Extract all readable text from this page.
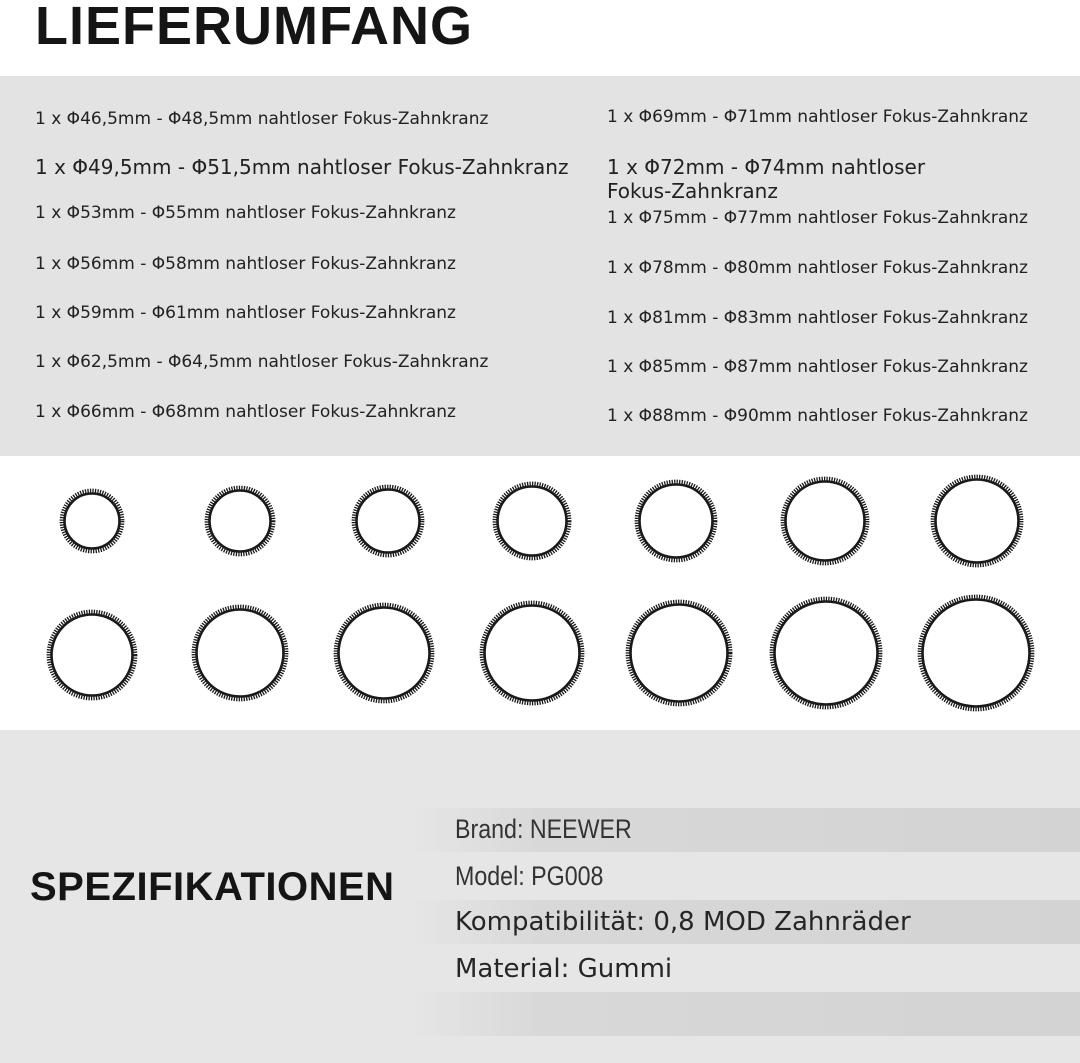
LIEFERUMFANG

1 x Φ46,5mm - Φ48,5mm nahtloser Fokus-Zahnkranz

1 x Φ49,5mm - Φ51,5mm nahtloser Fokus-Zahnkranz

1 x Φ53mm - Φ55mm nahtloser Fokus-Zahnkranz

1 x Φ56mm - Φ58mm nahtloser Fokus-Zahnkranz

1 x Φ59mm - Φ61mm nahtloser Fokus-Zahnkranz

1 x Φ62,5mm - Φ64,5mm nahtloser Fokus-Zahnkranz

1 x Φ66mm - Φ68mm nahtloser Fokus-Zahnkranz

1 x Φ69mm - Φ71mm nahtloser Fokus-Zahnkranz

1 x Φ72mm - Φ74mm nahtloser Fokus-Zahnkranz

1 x Φ75mm - Φ77mm nahtloser Fokus-Zahnkranz

1 x Φ78mm - Φ80mm nahtloser Fokus-Zahnkranz

1 x Φ81mm - Φ83mm nahtloser Fokus-Zahnkranz

1 x Φ85mm - Φ87mm nahtloser Fokus-Zahnkranz

1 x Φ88mm - Φ90mm nahtloser Fokus-Zahnkranz

SPEZIFIKATIONEN

Brand: NEEWER

Model: PG008

Kompatibilität: 0,8 MOD Zahnräder

Material: Gummi
